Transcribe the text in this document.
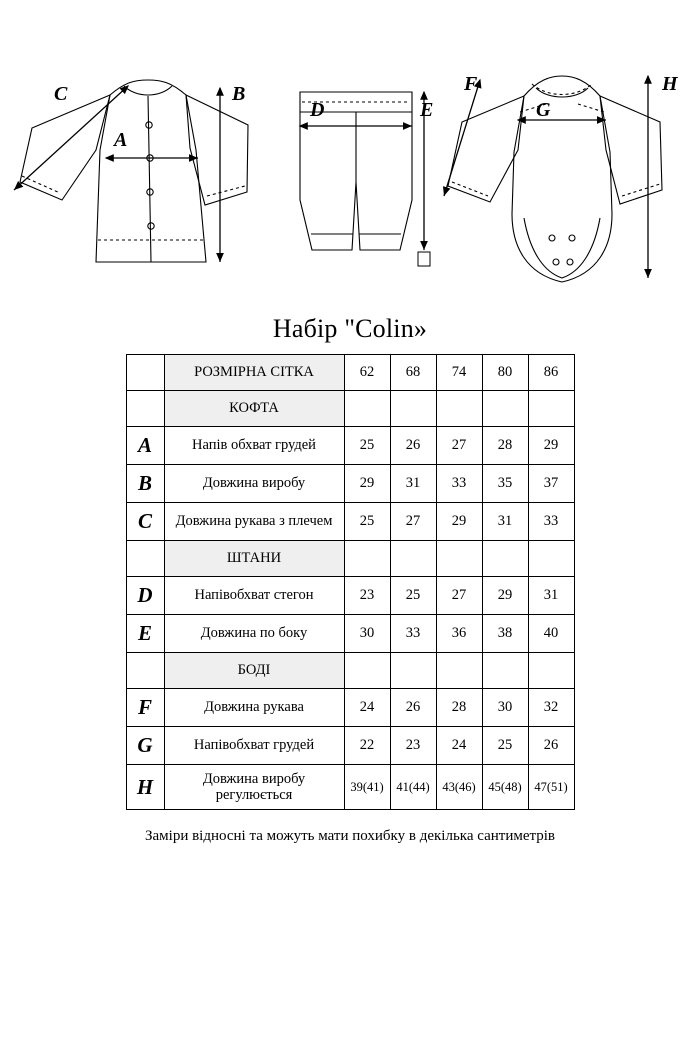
C	B
A
D	E
F
G
H
Набір "Colin»
	РОЗМІРНА СІТКА	62	68	74	80	86
	КОФТА					
A	Напів обхват грудей	25	26	27	28	29
B	Довжина виробу	29	31	33	35	37
C	Довжина рукава з плечем	25	27	29	31	33
	ШТАНИ					
D	Напівобхват стегон	23	25	27	29	31
E	Довжина по боку	30	33	36	38	40
	БОДІ					
F	Довжина рукава	24	26	28	30	32
G	Напівобхват грудей	22	23	24	25	26
H	Довжина виробу регулюється	39(41)	41(44)	43(46)	45(48)	47(51)
Заміри відносні та можуть мати похибку в декілька сантиметрів
